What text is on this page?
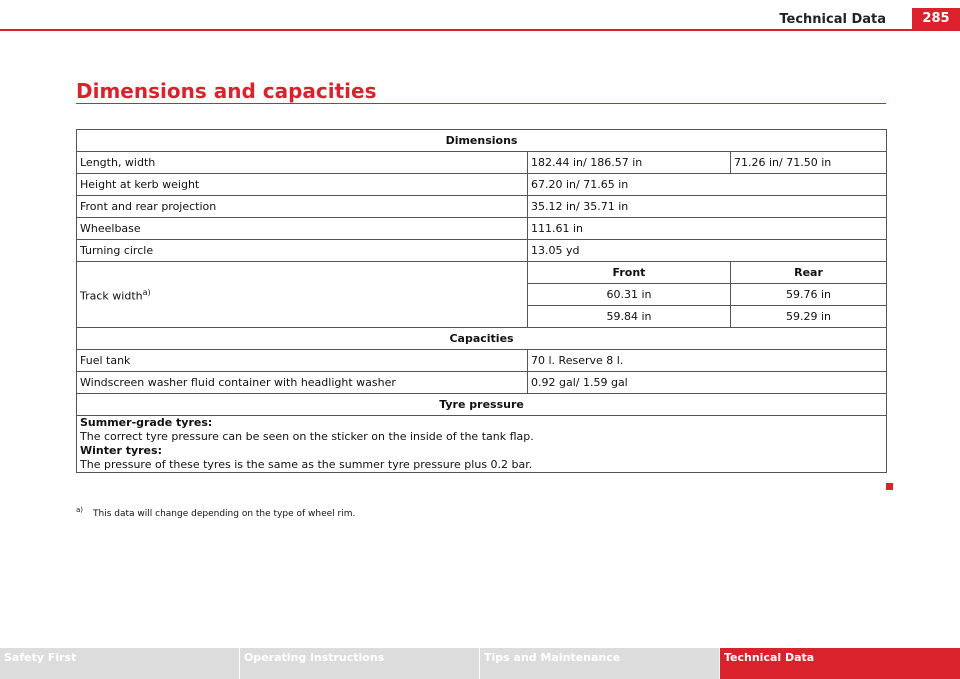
Technical Data	285
Dimensions and capacities
Dimensions		
Length, width	182.44 in/ 186.57 in	71.26 in/ 71.50 in
Height at kerb weight	67.20 in/ 71.65 in	
Front and rear projection	35.12 in/ 35.71 in	
Wheelbase	111.61 in	
Turning circle	13.05 yd	
Track width$^{a)}$	Front	Rear
	60.31 in	59.76 in
	59.84 in	59.29 in
Capacities		
Fuel tank	70 l. Reserve 8 l.	
Windscreen washer fluid container with headlight washer	0.92 gal/ 1.59 gal	
Tyre pressure		

Summer-grade tyres:

The correct tyre pressure can be seen on the sticker on the inside of the tank flap.

Winter tyres:

The pressure of these tyres is the same as the summer tyre pressure plus 0.2 bar.		

$^{a)}$ This data will change depending on the type of wheel rim.
Safety First	Operating instructions	Tips and Maintenance	Technical Data
